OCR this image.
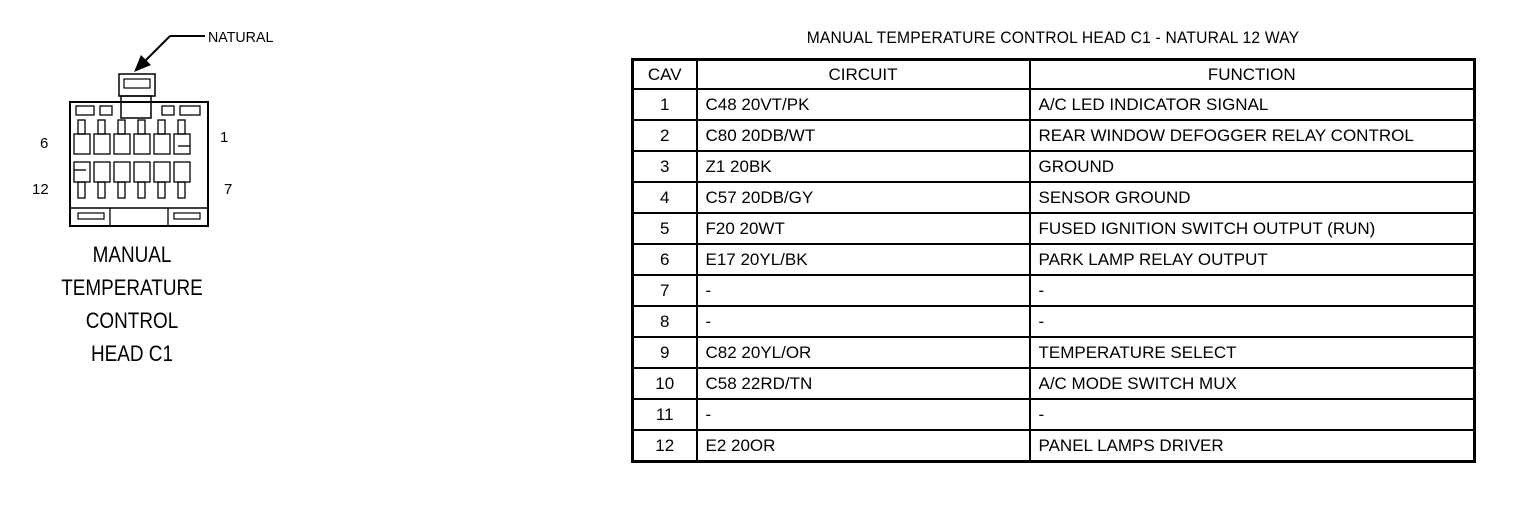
NATURAL
6	1
12	7
MANUAL
TEMPERATURE
CONTROL
HEAD C1
MANUAL TEMPERATURE CONTROL HEAD C1 - NATURAL 12 WAY
CAV	CIRCUIT	FUNCTION
1	C48 20VT/PK	A/C LED INDICATOR SIGNAL
2	C80 20DB/WT	REAR WINDOW DEFOGGER RELAY CONTROL
3	Z1 20BK	GROUND
4	C57 20DB/GY	SENSOR GROUND
5	F20 20WT	FUSED IGNITION SWITCH OUTPUT (RUN)
6	E17 20YL/BK	PARK LAMP RELAY OUTPUT
7	-	-
8	-	-
9	C82 20YL/OR	TEMPERATURE SELECT
10	C58 22RD/TN	A/C MODE SWITCH MUX
11	-	-
12	E2 20OR	PANEL LAMPS DRIVER
